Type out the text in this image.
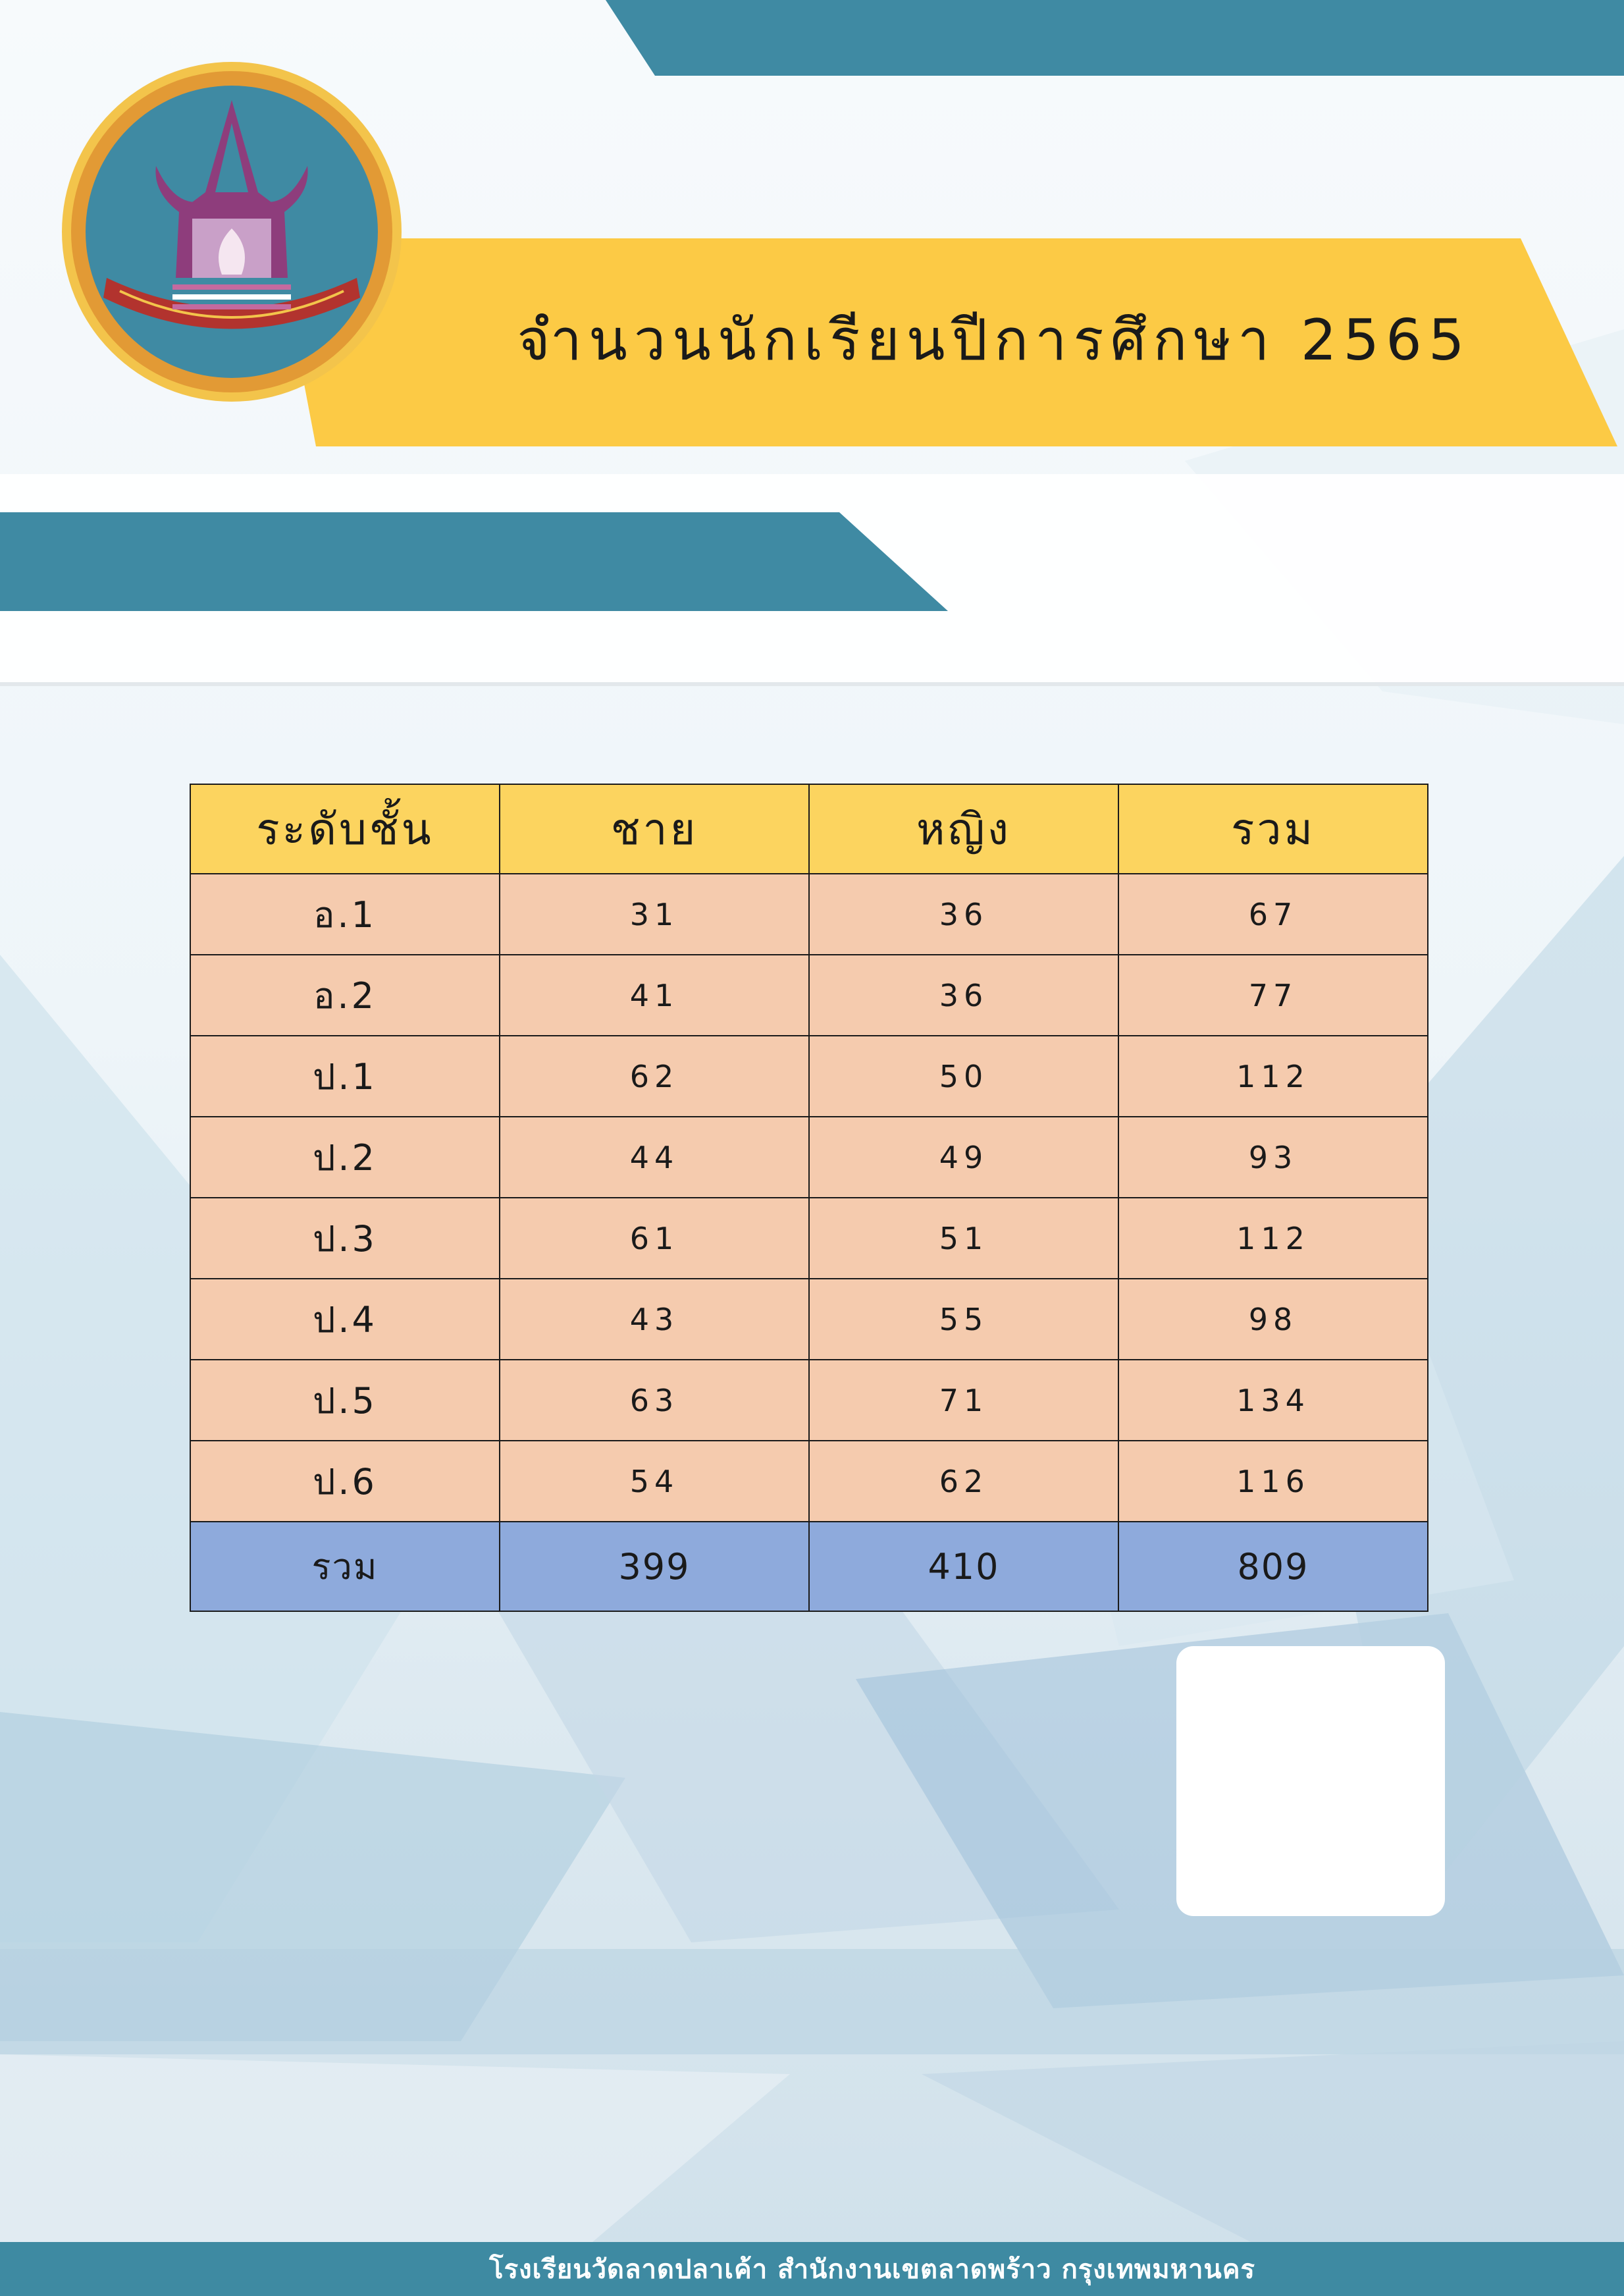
จำนวนนักเรียนปีการศึกษา 2565
ระดับชั้น	ชาย	หญิง	รวม
อ.1	31	36	67
อ.2	41	36	77
ป.1	62	50	112
ป.2	44	49	93
ป.3	61	51	112
ป.4	43	55	98
ป.5	63	71	134
ป.6	54	62	116
รวม	399	410	809
โรงเรียนวัดลาดปลาเค้า สำนักงานเขตลาดพร้าว กรุงเทพมหานคร
